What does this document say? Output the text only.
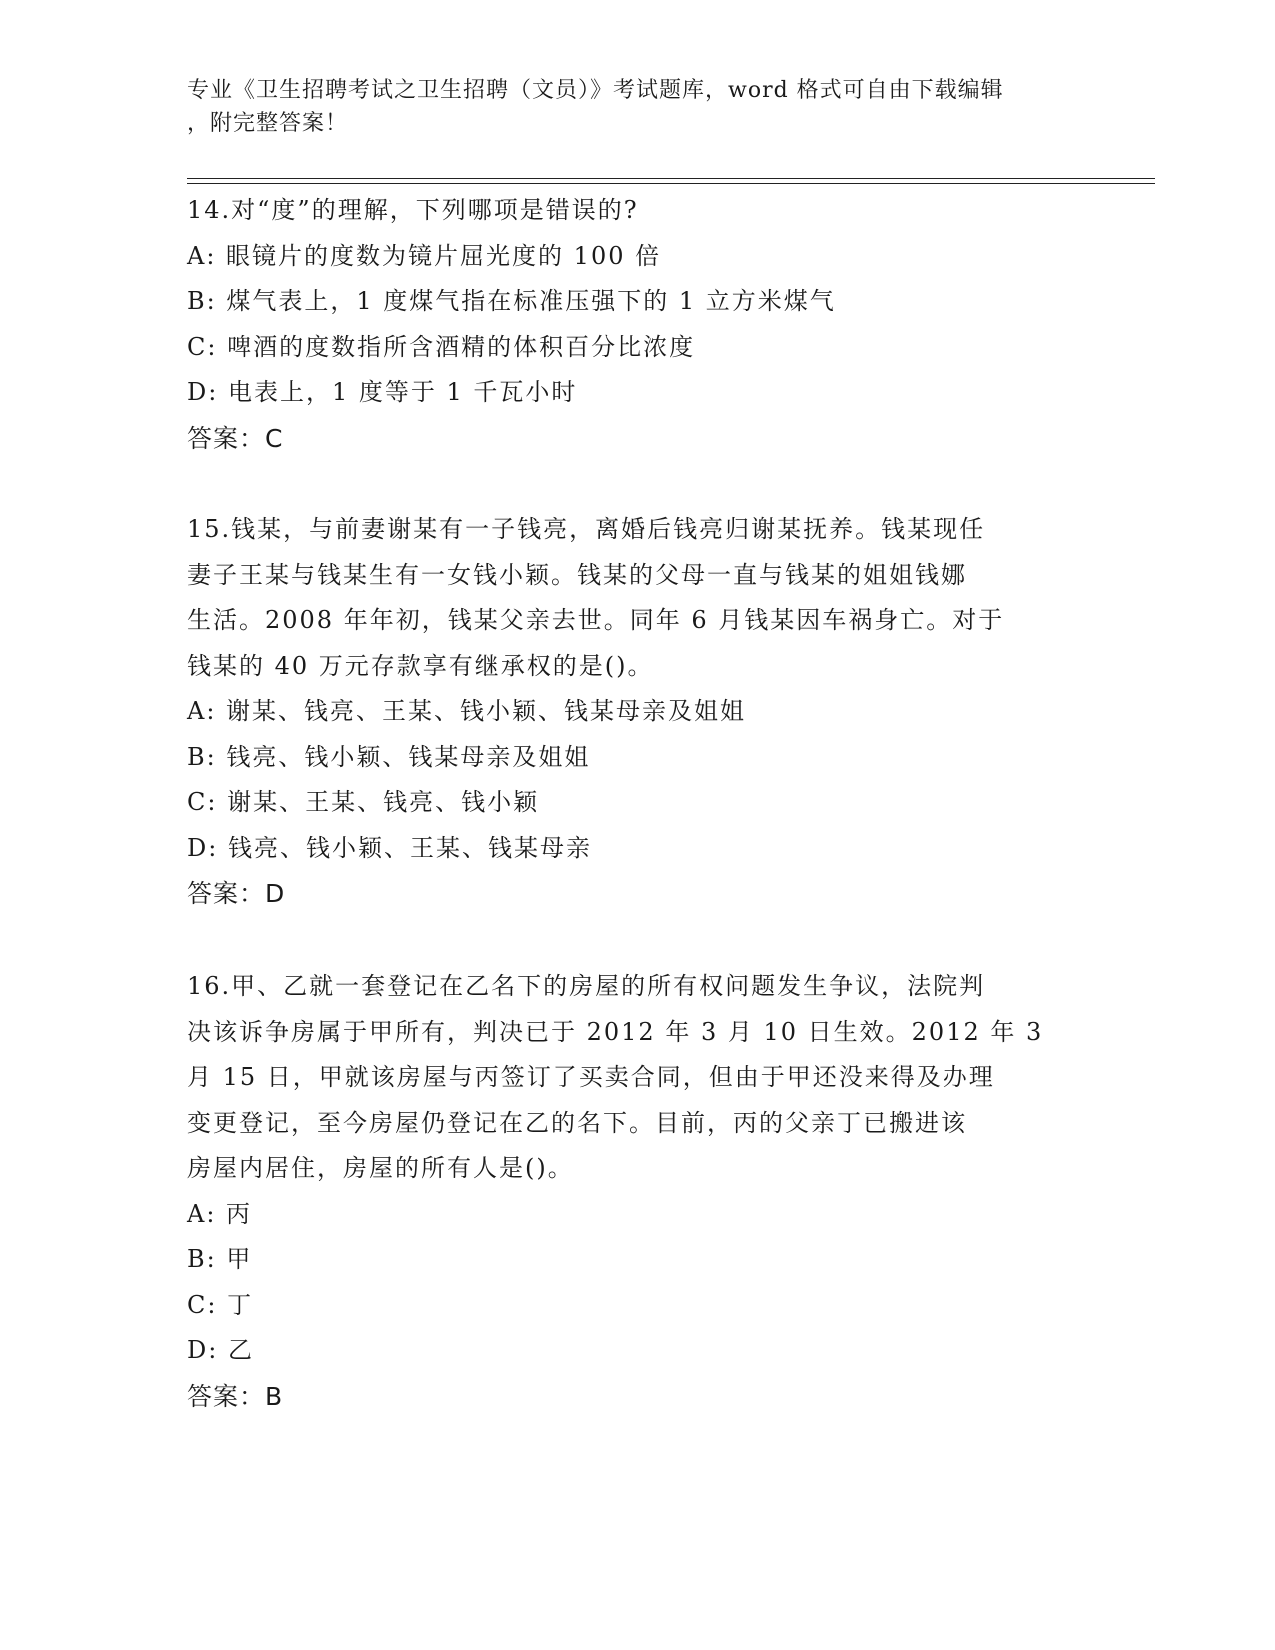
专业《卫生招聘考试之卫生招聘（文员）》考试题库，word 格式可自由下载编辑
，附完整答案！
14.对“度”的理解，下列哪项是错误的?
A: 眼镜片的度数为镜片屈光度的 100 倍
B: 煤气表上，1 度煤气指在标准压强下的 1 立方米煤气
C: 啤酒的度数指所含酒精的体积百分比浓度
D: 电表上，1 度等于 1 千瓦小时
答案：C
15.钱某，与前妻谢某有一子钱亮，离婚后钱亮归谢某抚养。钱某现任
妻子王某与钱某生有一女钱小颖。钱某的父母一直与钱某的姐姐钱娜
生活。2008 年年初，钱某父亲去世。同年 6 月钱某因车祸身亡。对于
钱某的 40 万元存款享有继承权的是()。
A: 谢某、钱亮、王某、钱小颖、钱某母亲及姐姐
B: 钱亮、钱小颖、钱某母亲及姐姐
C: 谢某、王某、钱亮、钱小颖
D: 钱亮、钱小颖、王某、钱某母亲
答案：D
16.甲、乙就一套登记在乙名下的房屋的所有权问题发生争议，法院判
决该诉争房属于甲所有，判决已于 2012 年 3 月 10 日生效。2012 年 3
月 15 日，甲就该房屋与丙签订了买卖合同，但由于甲还没来得及办理
变更登记，至今房屋仍登记在乙的名下。目前，丙的父亲丁已搬进该
房屋内居住，房屋的所有人是()。
A: 丙
B: 甲
C: 丁
D: 乙
答案：B
